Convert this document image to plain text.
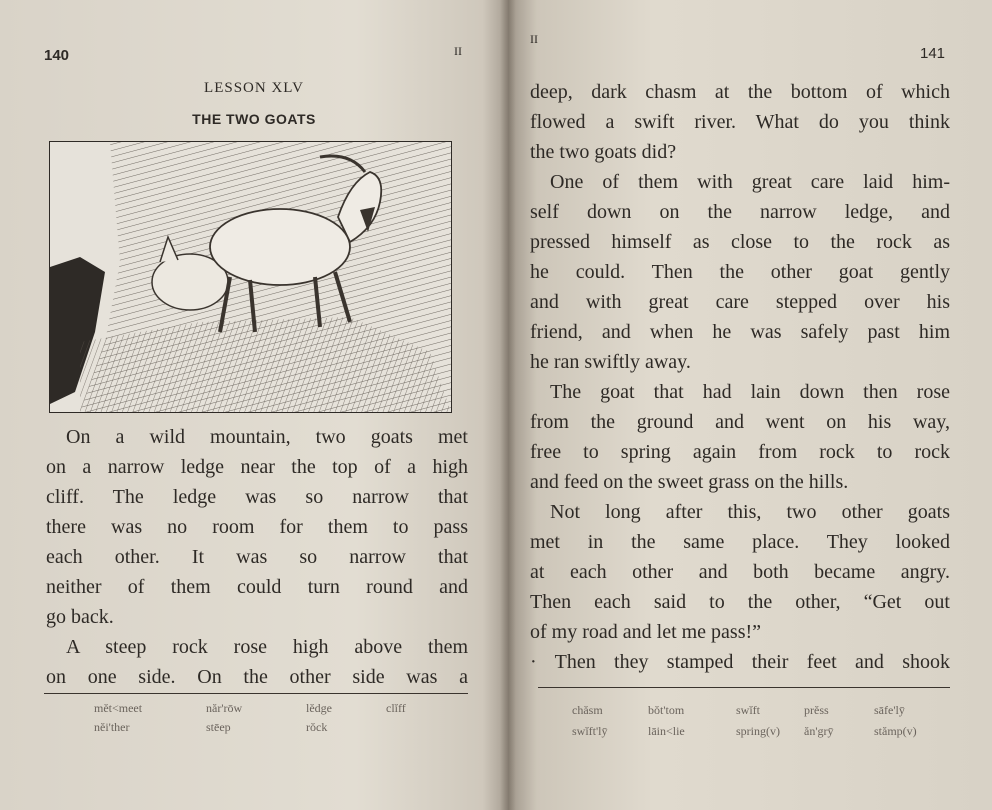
140	II
LESSON XLV
THE TWO GOATS

On a wild mountain, two goats met

on a narrow ledge near the top of a high

cliff. The ledge was so narrow that

there was no room for them to pass

each other. It was so narrow that

neither of them could turn round and

go back.

A steep rock rose high above them

on one side. On the other side was a

mĕt<meet	năr'rōw	lĕdge	clĭff
nĕi'ther	stēep	rŏck
II
141

deep, dark chasm at the bottom of which

flowed a swift river. What do you think

the two goats did?

One of them with great care laid him-

self down on the narrow ledge, and

pressed himself as close to the rock as

he could. Then the other goat gently

and with great care stepped over his

friend, and when he was safely past him

he ran swiftly away.

The goat that had lain down then rose

from the ground and went on his way,

free to spring again from rock to rock

and feed on the sweet grass on the hills.

Not long after this, two other goats

met in the same place. They looked

at each other and both became angry.

Then each said to the other, “Get out

of my road and let me pass!”

· Then they stamped their feet and shook

chăsm	bŏt'tom	swĭft	prĕss	sāfe'lȳ
swĭft'lȳ	lāin<lie	spring(v)	ăn'grȳ	stămp(v)
